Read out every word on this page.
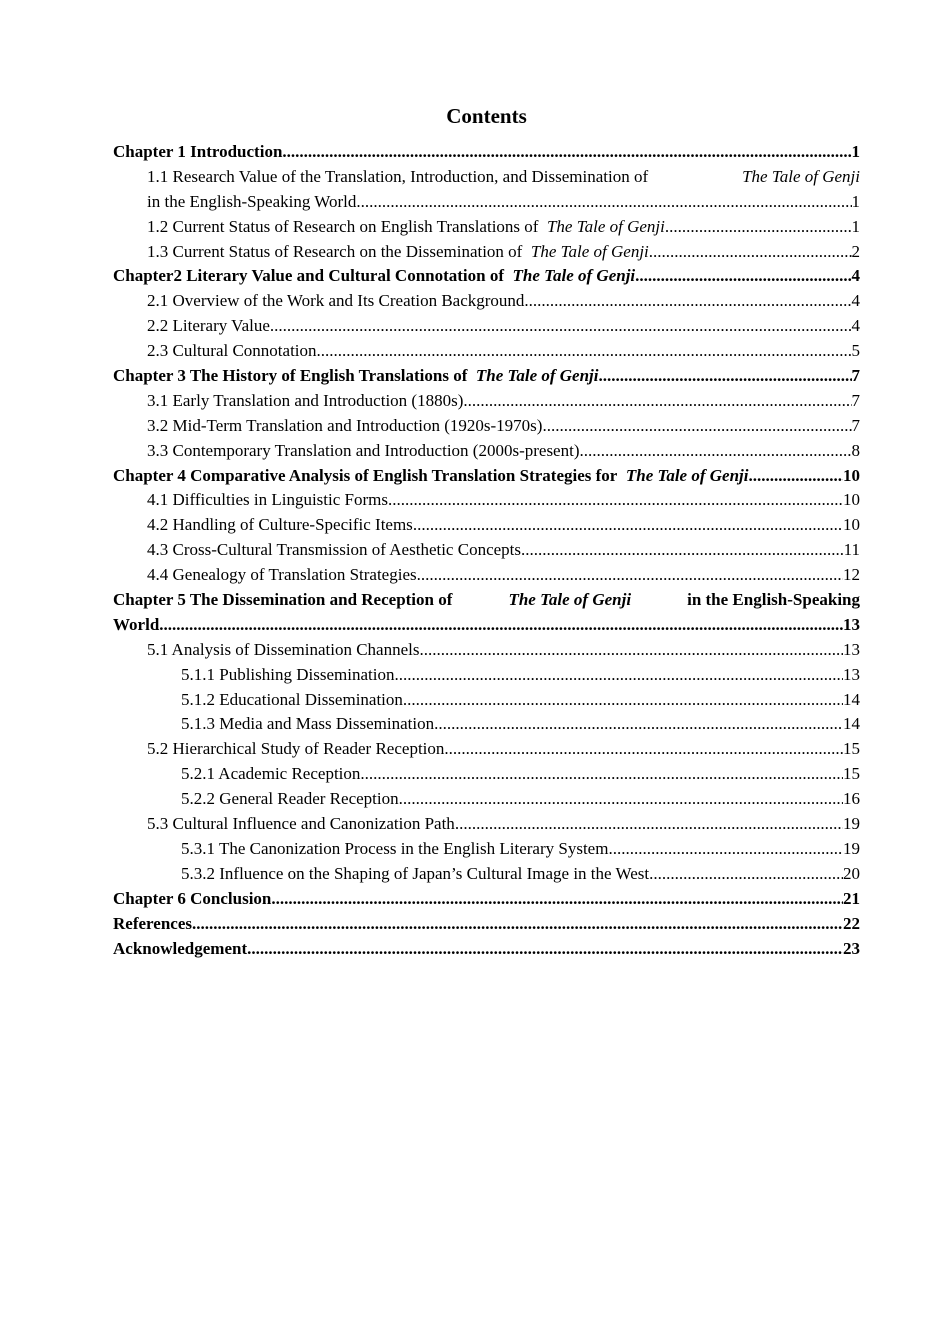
Contents
Chapter 1 Introduction .....	1
1.1 Research Value of the Translation, Introduction, and Dissemination of
	The Tale of Genji
in the English-Speaking World .....	1
1.2 Current Status of Research on English Translations of The Tale of Genji .....	1
1.3 Current Status of Research on the Dissemination of The Tale of Genji .....	2
Chapter2 Literary Value and Cultural Connotation of The Tale of Genji .....	4
2.1 Overview of the Work and Its Creation Background .....	4
2.2 Literary Value .....	4
2.3 Cultural Connotation .....	5
Chapter 3 The History of English Translations of The Tale of Genji .....	7
3.1 Early Translation and Introduction (1880s) .....	7
3.2 Mid-Term Translation and Introduction (1920s-1970s) .....	7
3.3 Contemporary Translation and Introduction (2000s-present) .....	8
Chapter 4 Comparative Analysis of English Translation Strategies for The Tale of Genji .....	10
4.1 Difficulties in Linguistic Forms .....	10
4.2 Handling of Culture-Specific Items .....	10
4.3 Cross-Cultural Transmission of Aesthetic Concepts .....	11
4.4 Genealogy of Translation Strategies .....	12
Chapter 5 The Dissemination and Reception of
	The Tale of Genji
	in the English-Speaking
World .....	13
5.1 Analysis of Dissemination Channels .....	13
5.1.1 Publishing Dissemination .....	13
5.1.2 Educational Dissemination .....	14
5.1.3 Media and Mass Dissemination .....	14
5.2 Hierarchical Study of Reader Reception .....	15
5.2.1 Academic Reception .....	15
5.2.2 General Reader Reception .....	16
5.3 Cultural Influence and Canonization Path .....	19
5.3.1 The Canonization Process in the English Literary System .....	19
5.3.2 Influence on the Shaping of Japan’s Cultural Image in the West .....	20
Chapter 6 Conclusion .....	21
References .....	22
Acknowledgement .....	23
